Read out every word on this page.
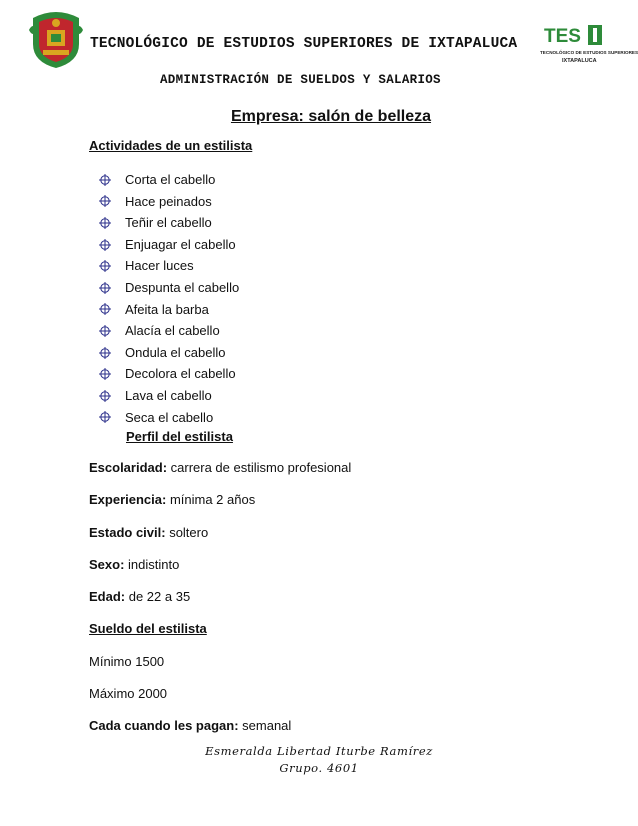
TES
TECNOLÓGICO DE ESTUDIOS SUPERIORES
IXTAPALUCA
TECNOLÓGICO DE ESTUDIOS SUPERIORES DE IXTAPALUCA
ADMINISTRACIÓN DE SUELDOS Y SALARIOS
Empresa: salón de belleza
Actividades de un estilista
Corta el cabello
Hace peinados
Teñir el cabello
Enjuagar el cabello
Hacer luces
Despunta el cabello
Afeita la barba
Alacía el cabello
Ondula el cabello
Decolora el cabello
Lava el cabello
Seca el cabello
Perfil del estilista
Escolaridad: carrera de estilismo profesional
Experiencia: mínima 2 años
Estado civil: soltero
Sexo: indistinto
Edad: de 22 a 35
Sueldo del estilista
Mínimo 1500
Máximo 2000
Cada cuando les pagan: semanal
Esmeralda Libertad Iturbe Ramírez
Grupo. 4601
